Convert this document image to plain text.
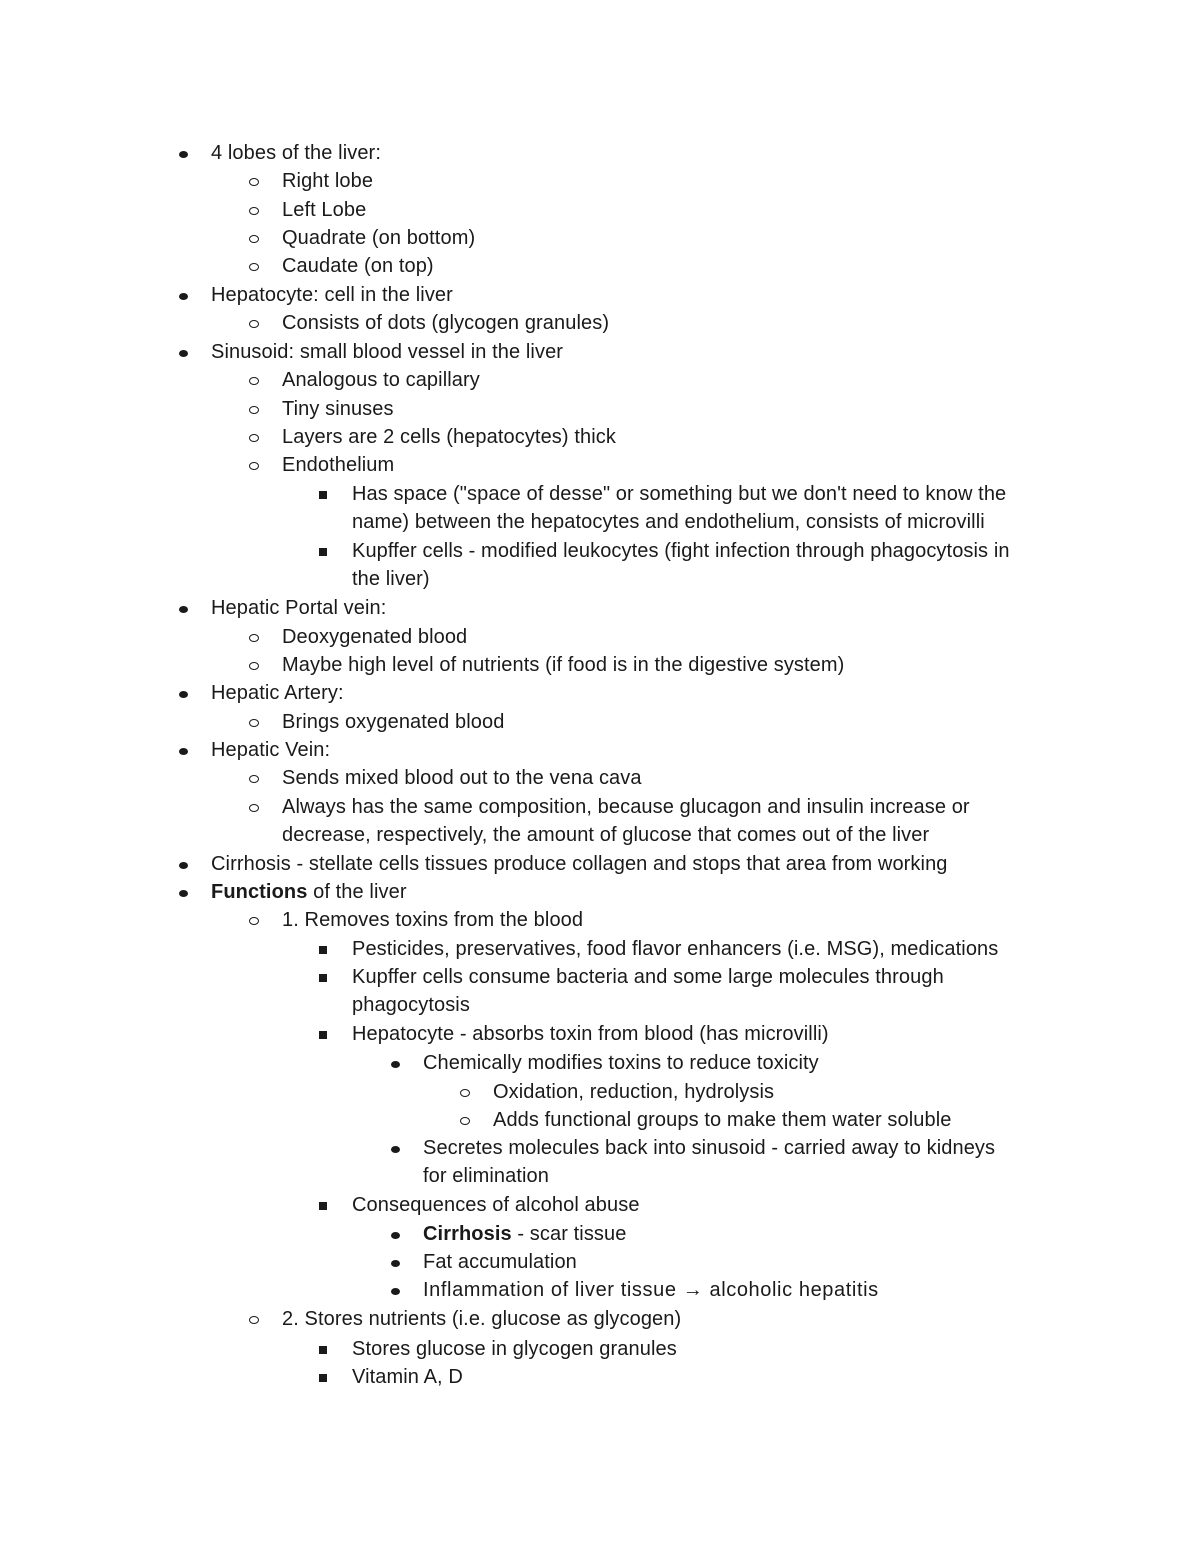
4 lobes of the liver:
Right lobe
Left Lobe
Quadrate (on bottom)
Caudate (on top)
Hepatocyte: cell in the liver
Consists of dots (glycogen granules)
Sinusoid: small blood vessel in the liver
Analogous to capillary
Tiny sinuses
Layers are 2 cells (hepatocytes) thick
Endothelium
Has space ("space of desse" or something but we don't need to know the
name) between the hepatocytes and endothelium, consists of microvilli
Kupffer cells - modified leukocytes (fight infection through phagocytosis in
the liver)
Hepatic Portal vein:
Deoxygenated blood
Maybe high level of nutrients (if food is in the digestive system)
Hepatic Artery:
Brings oxygenated blood
Hepatic Vein:
Sends mixed blood out to the vena cava
Always has the same composition, because glucagon and insulin increase or
decrease, respectively, the amount of glucose that comes out of the liver
Cirrhosis - stellate cells tissues produce collagen and stops that area from working
Functions of the liver
1. Removes toxins from the blood
Pesticides, preservatives, food flavor enhancers (i.e. MSG), medications
Kupffer cells consume bacteria and some large molecules through
phagocytosis
Hepatocyte - absorbs toxin from blood (has microvilli)
Chemically modifies toxins to reduce toxicity
Oxidation, reduction, hydrolysis
Adds functional groups to make them water soluble
Secretes molecules back into sinusoid - carried away to kidneys
for elimination
Consequences of alcohol abuse
Cirrhosis - scar tissue
Fat accumulation
Inflammation of liver tissue → alcoholic hepatitis
2. Stores nutrients (i.e. glucose as glycogen)
Stores glucose in glycogen granules
Vitamin A, D
